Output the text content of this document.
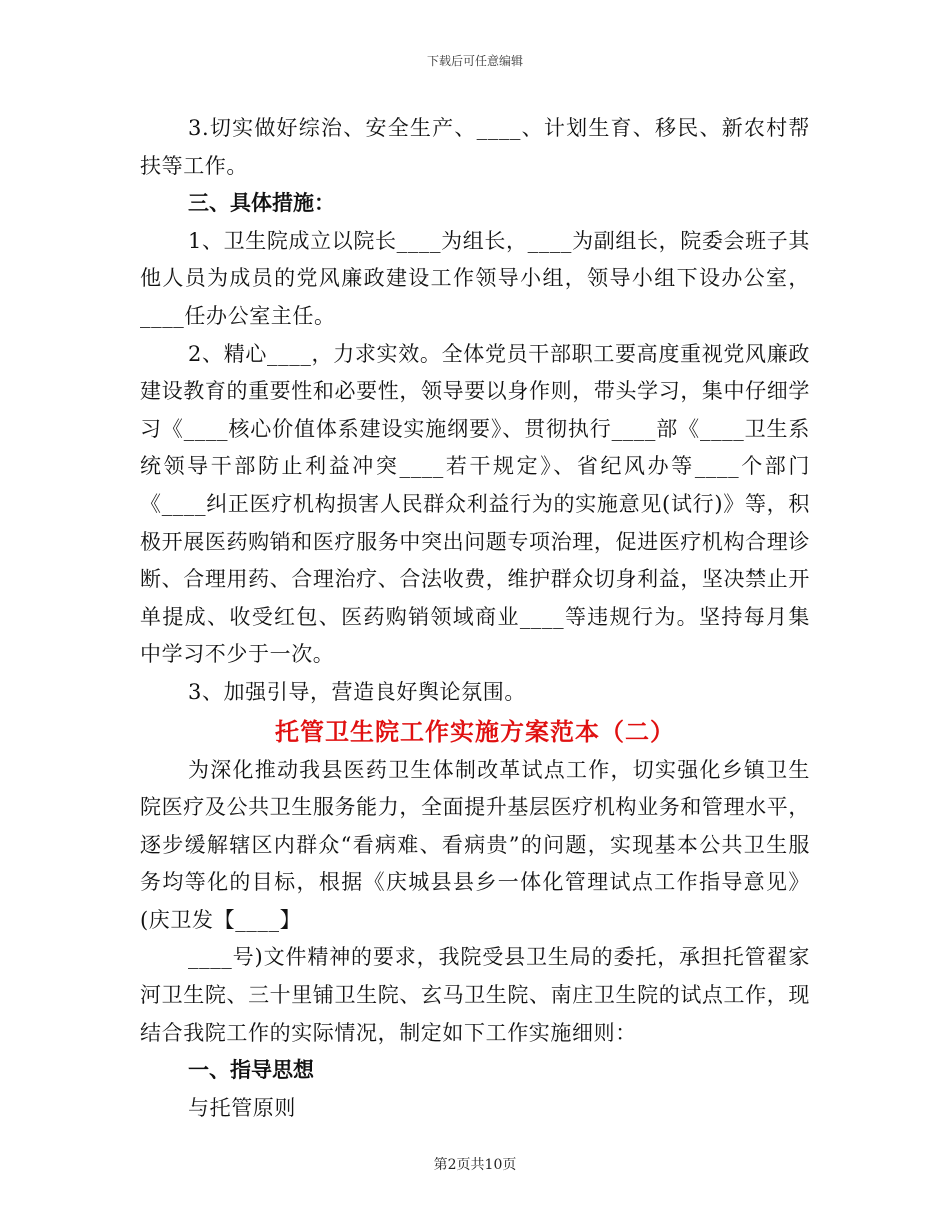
下载后可任意编辑

3.切实做好综治、安全生产、____、计划生育、移民、新农村帮扶等工作。

三、具体措施：

1、卫生院成立以院长____为组长，____为副组长，院委会班子其他人员为成员的党风廉政建设工作领导小组，领导小组下设办公室，____任办公室主任。

2、精心____，力求实效。全体党员干部职工要高度重视党风廉政建设教育的重要性和必要性，领导要以身作则，带头学习，集中仔细学习《____核心价值体系建设实施纲要》、贯彻执行____部《____卫生系统领导干部防止利益冲突____若干规定》、省纪风办等____个部门《____纠正医疗机构损害人民群众利益行为的实施意见(试行)》等，积极开展医药购销和医疗服务中突出问题专项治理，促进医疗机构合理诊断、合理用药、合理治疗、合法收费，维护群众切身利益，坚决禁止开单提成、收受红包、医药购销领域商业____等违规行为。坚持每月集中学习不少于一次。

3、加强引导，营造良好舆论氛围。

托管卫生院工作实施方案范本（二）

为深化推动我县医药卫生体制改革试点工作，切实强化乡镇卫生院医疗及公共卫生服务能力，全面提升基层医疗机构业务和管理水平，逐步缓解辖区内群众“看病难、看病贵”的问题，实现基本公共卫生服务均等化的目标，根据《庆城县县乡一体化管理试点工作指导意见》(庆卫发【____】

____号)文件精神的要求，我院受县卫生局的委托，承担托管翟家河卫生院、三十里铺卫生院、玄马卫生院、南庄卫生院的试点工作，现结合我院工作的实际情况，制定如下工作实施细则：

一、指导思想

与托管原则

第2页共10页
